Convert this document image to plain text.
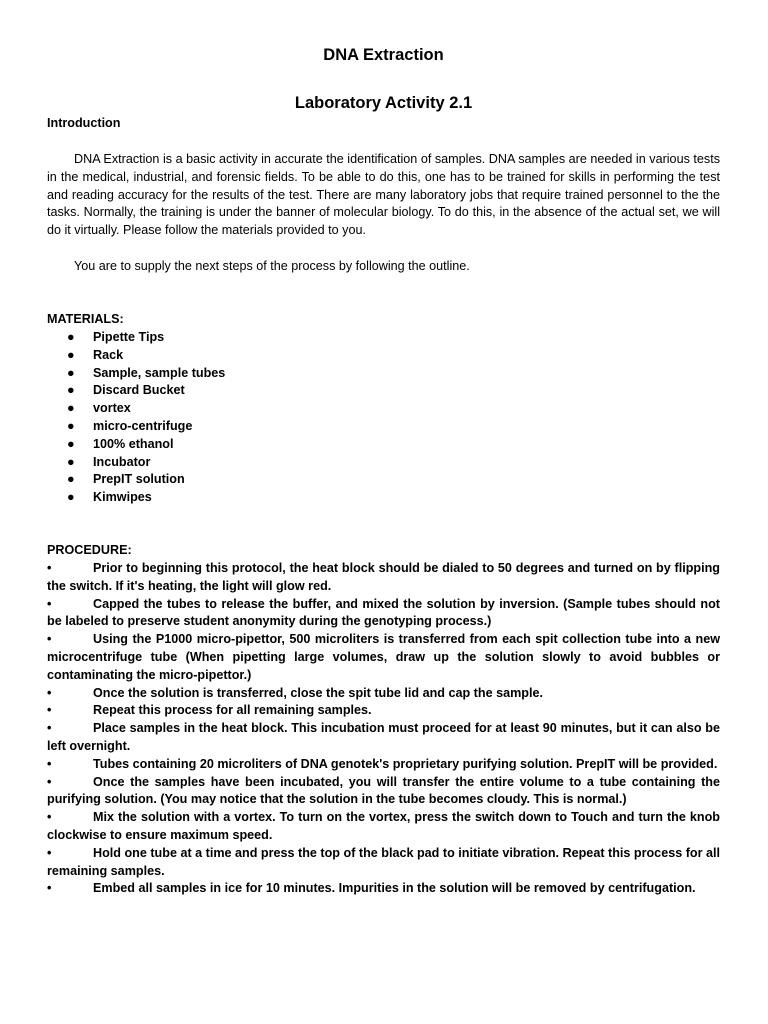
DNA Extraction
Laboratory Activity 2.1
Introduction
DNA Extraction is a basic activity in accurate the identification of samples. DNA samples are needed in various tests in the medical, industrial, and forensic fields. To be able to do this, one has to be trained for skills in performing the test and reading accuracy for the results of the test. There are many laboratory jobs that require trained personnel to the the tasks. Normally, the training is under the banner of molecular biology. To do this, in the absence of the actual set, we will do it virtually. Please follow the materials provided to you.
You are to supply the next steps of the process by following the outline.
MATERIALS:
● Pipette Tips
● Rack
● Sample, sample tubes
● Discard Bucket
● vortex
● micro-centrifuge
● 100% ethanol
● Incubator
● PrepIT solution
● Kimwipes
PROCEDURE:
•	Prior to beginning this protocol, the heat block should be dialed to 50 degrees and turned on by flipping the switch. If it's heating, the light will glow red.
•	Capped the tubes to release the buffer, and mixed the solution by inversion. (Sample tubes should not be labeled to preserve student anonymity during the genotyping process.)
•	Using the P1000 micro-pipettor, 500 microliters is transferred from each spit collection tube into a new microcentrifuge tube (When pipetting large volumes, draw up the solution slowly to avoid bubbles or contaminating the micro-pipettor.)
•	Once the solution is transferred, close the spit tube lid and cap the sample.
•	Repeat this process for all remaining samples.
•	Place samples in the heat block. This incubation must proceed for at least 90 minutes, but it can also be left overnight.
•	Tubes containing 20 microliters of DNA genotek's proprietary purifying solution. PrepIT will be provided.
•	Once the samples have been incubated, you will transfer the entire volume to a tube containing the purifying solution. (You may notice that the solution in the tube becomes cloudy. This is normal.)
•	Mix the solution with a vortex. To turn on the vortex, press the switch down to Touch and turn the knob clockwise to ensure maximum speed.
•	Hold one tube at a time and press the top of the black pad to initiate vibration. Repeat this process for all remaining samples.
•	Embed all samples in ice for 10 minutes. Impurities in the solution will be removed by centrifugation.
